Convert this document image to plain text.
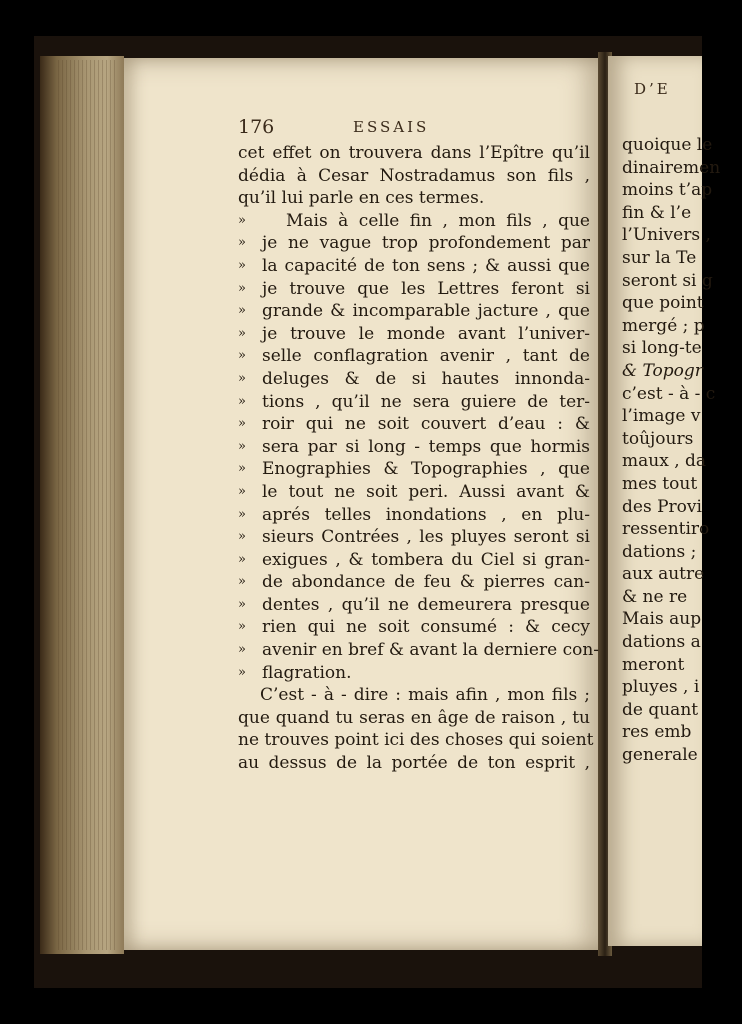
D’E
quoique le
dinairemen
moins t’ap
fin & l’e
l’Univers ,
sur la Te
seront si g
que point
mergé ; p
si long-te
& Topogr
c’est - à - c
l’image v
toûjours
maux , da
mes tout
des Provi
ressentiro
dations ;
aux autre
& ne re
Mais aup
dations a
meront
pluyes , i
de quant
res emb
generale
176	ESSAIS
cet effet on trouvera dans l’Epître qu’il
dédia à Cesar Nostradamus son fils ,
qu’il lui parle en ces termes.
» Mais à celle fin , mon fils , que
» je ne vague trop profondement par
» la capacité de ton sens ; & aussi que
» je trouve que les Lettres feront si
» grande & incomparable jacture , que
» je trouve le monde avant l’univer-
» selle conflagration avenir , tant de
» deluges & de si hautes innonda-
» tions , qu’il ne sera guiere de ter-
» roir qui ne soit couvert d’eau : &
» sera par si long - temps que hormis
» Enographies & Topographies , que
» le tout ne soit peri. Aussi avant &
» aprés telles inondations , en plu-
» sieurs Contrées , les pluyes seront si
» exigues , & tombera du Ciel si gran-
» de abondance de feu & pierres can-
» dentes , qu’il ne demeurera presque
» rien qui ne soit consumé : & cecy
» avenir en bref & avant la derniere con-
» flagration.
C’est - à - dire : mais afin , mon fils ;
que quand tu seras en âge de raison , tu
ne trouves point ici des choses qui soient
au dessus de la portée de ton esprit ,
